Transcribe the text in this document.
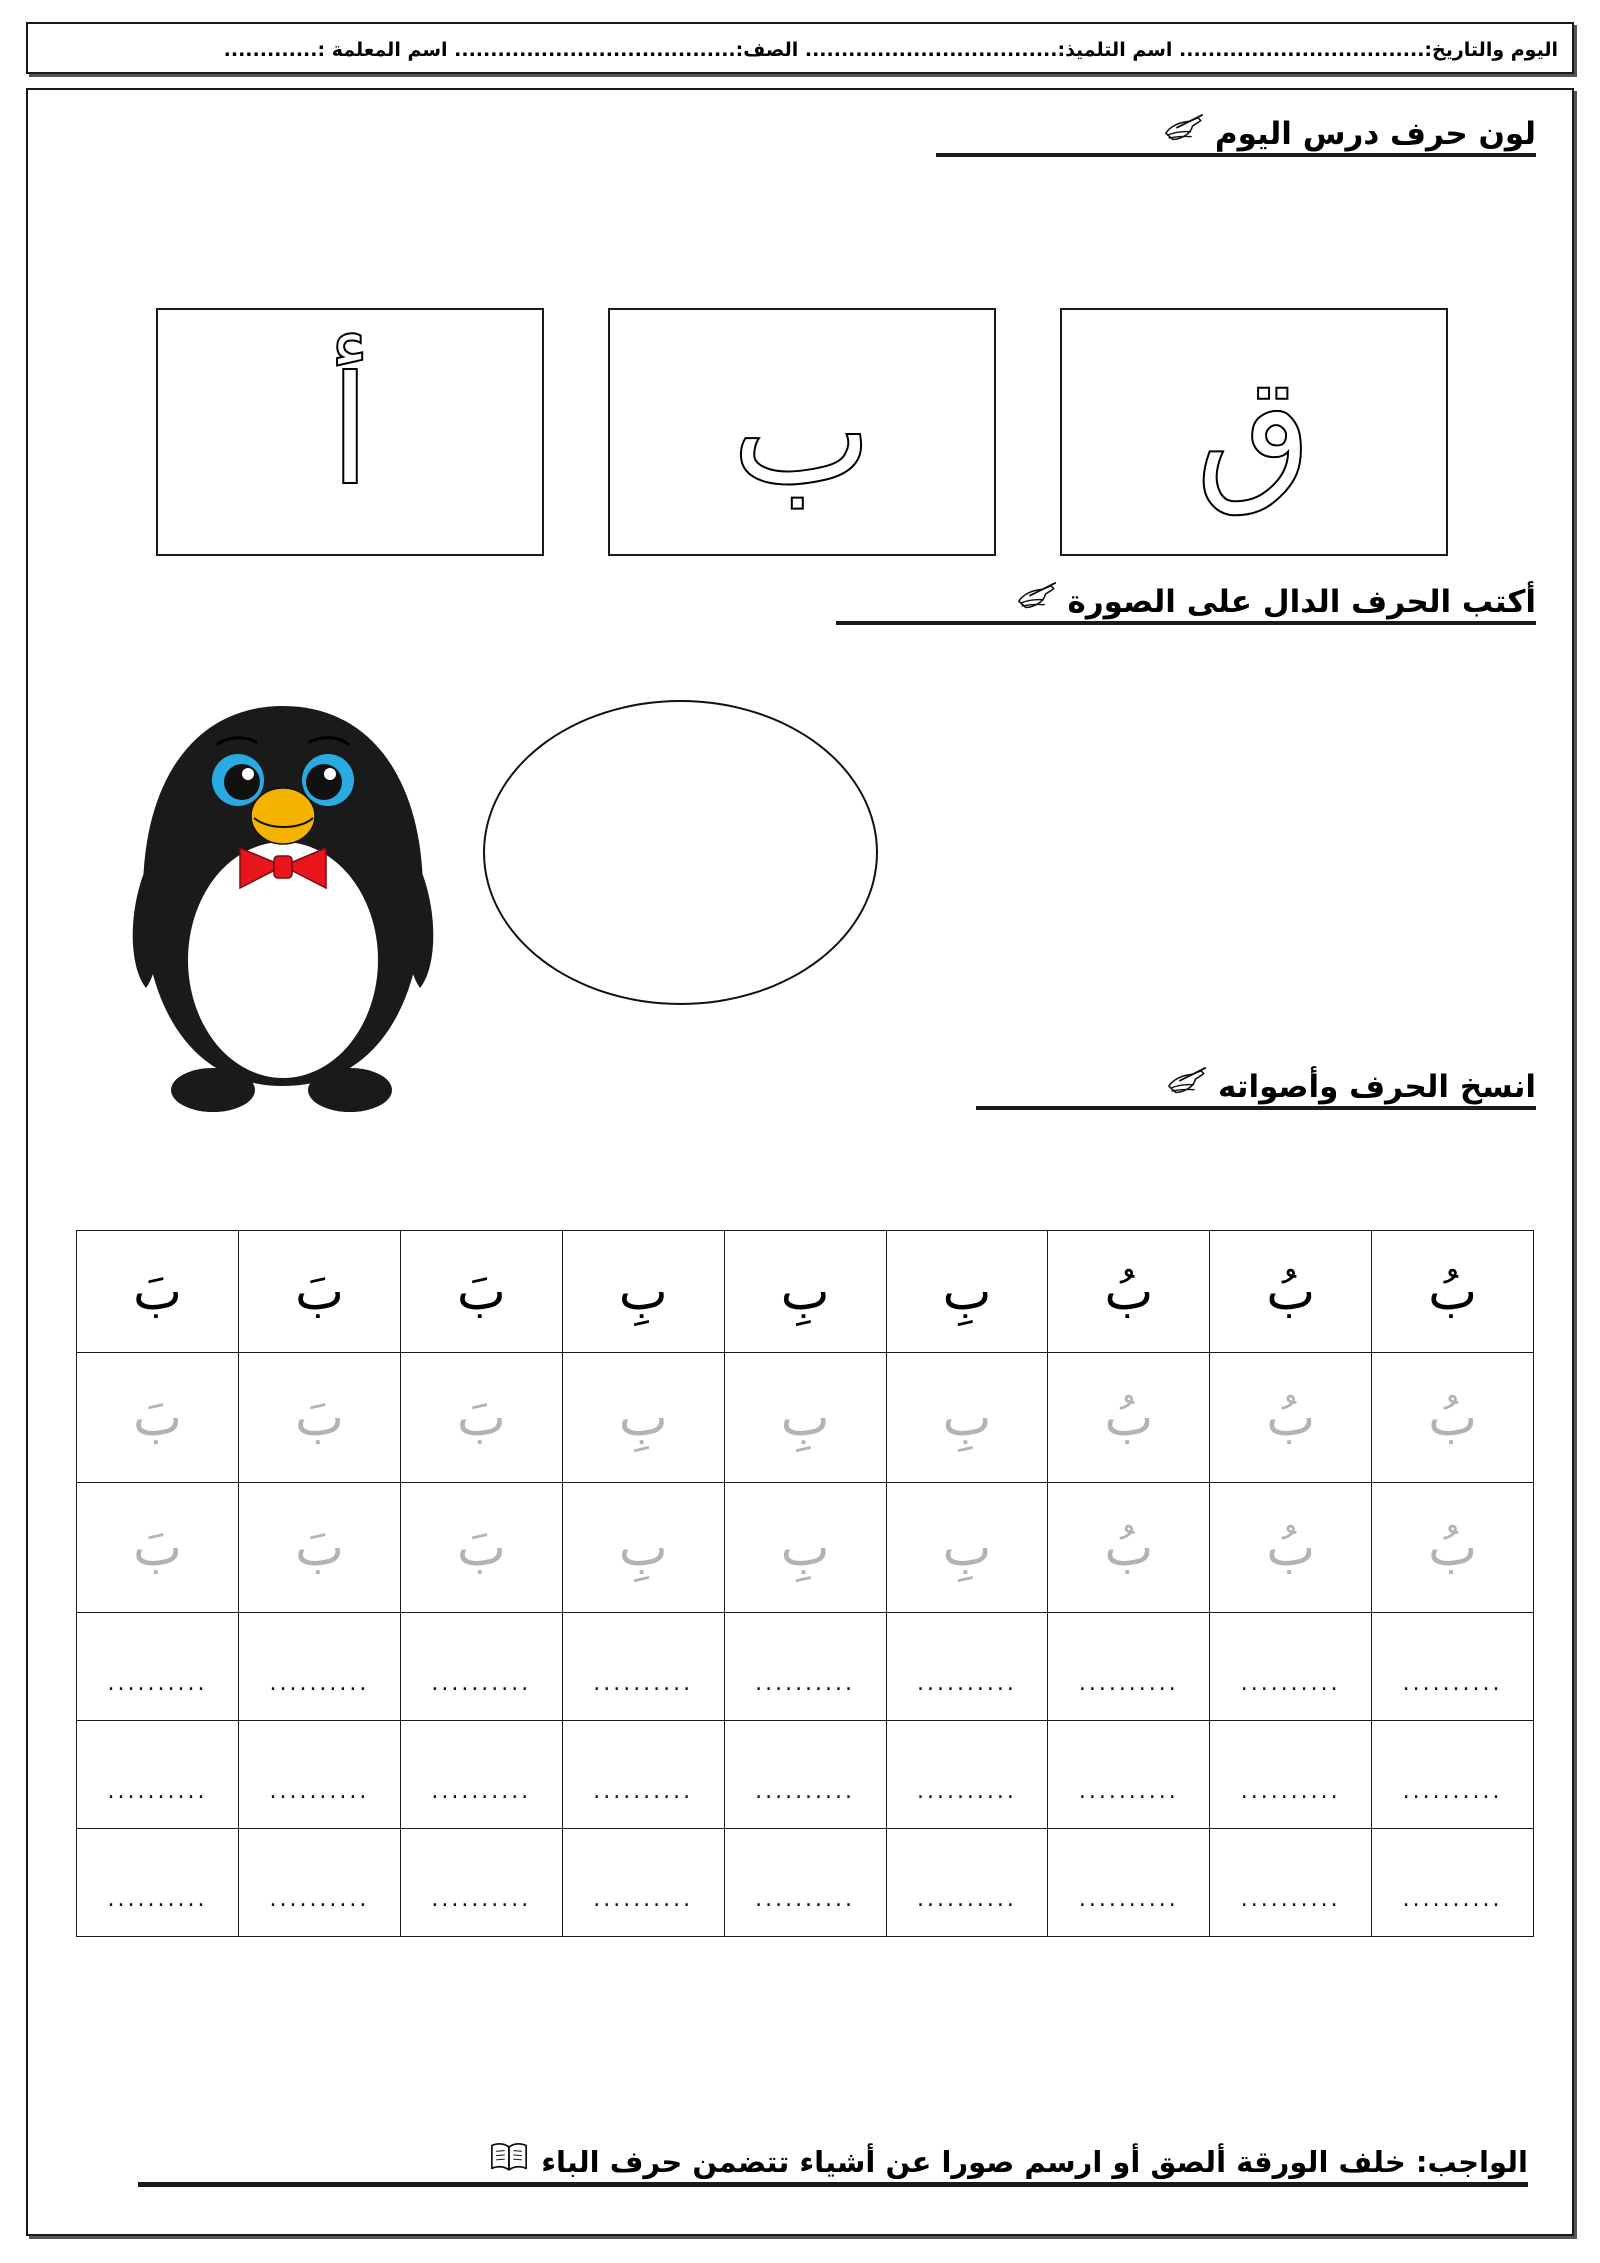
اليوم والتاريخ:.................................. اسم التلميذ:................................... الصف:....................................... اسم المعلمة :.............
لون حرف درس اليوم
أ ب ق
أكتب الحرف الدال على الصورة
انسخ الحرف وأصواته
بُ	بُ	بُ	بِ	بِ	بِ	بَ	بَ	بَ
بُ	بُ	بُ	بِ	بِ	بِ	بَ	بَ	بَ
بُ	بُ	بُ	بِ	بِ	بِ	بَ	بَ	بَ
..........	..........	..........	..........	..........	..........	..........	..........	..........
..........	..........	..........	..........	..........	..........	..........	..........	..........
..........	..........	..........	..........	..........	..........	..........	..........	..........
الواجب: خلف الورقة ألصق أو ارسم صورا عن أشياء تتضمن حرف الباء
